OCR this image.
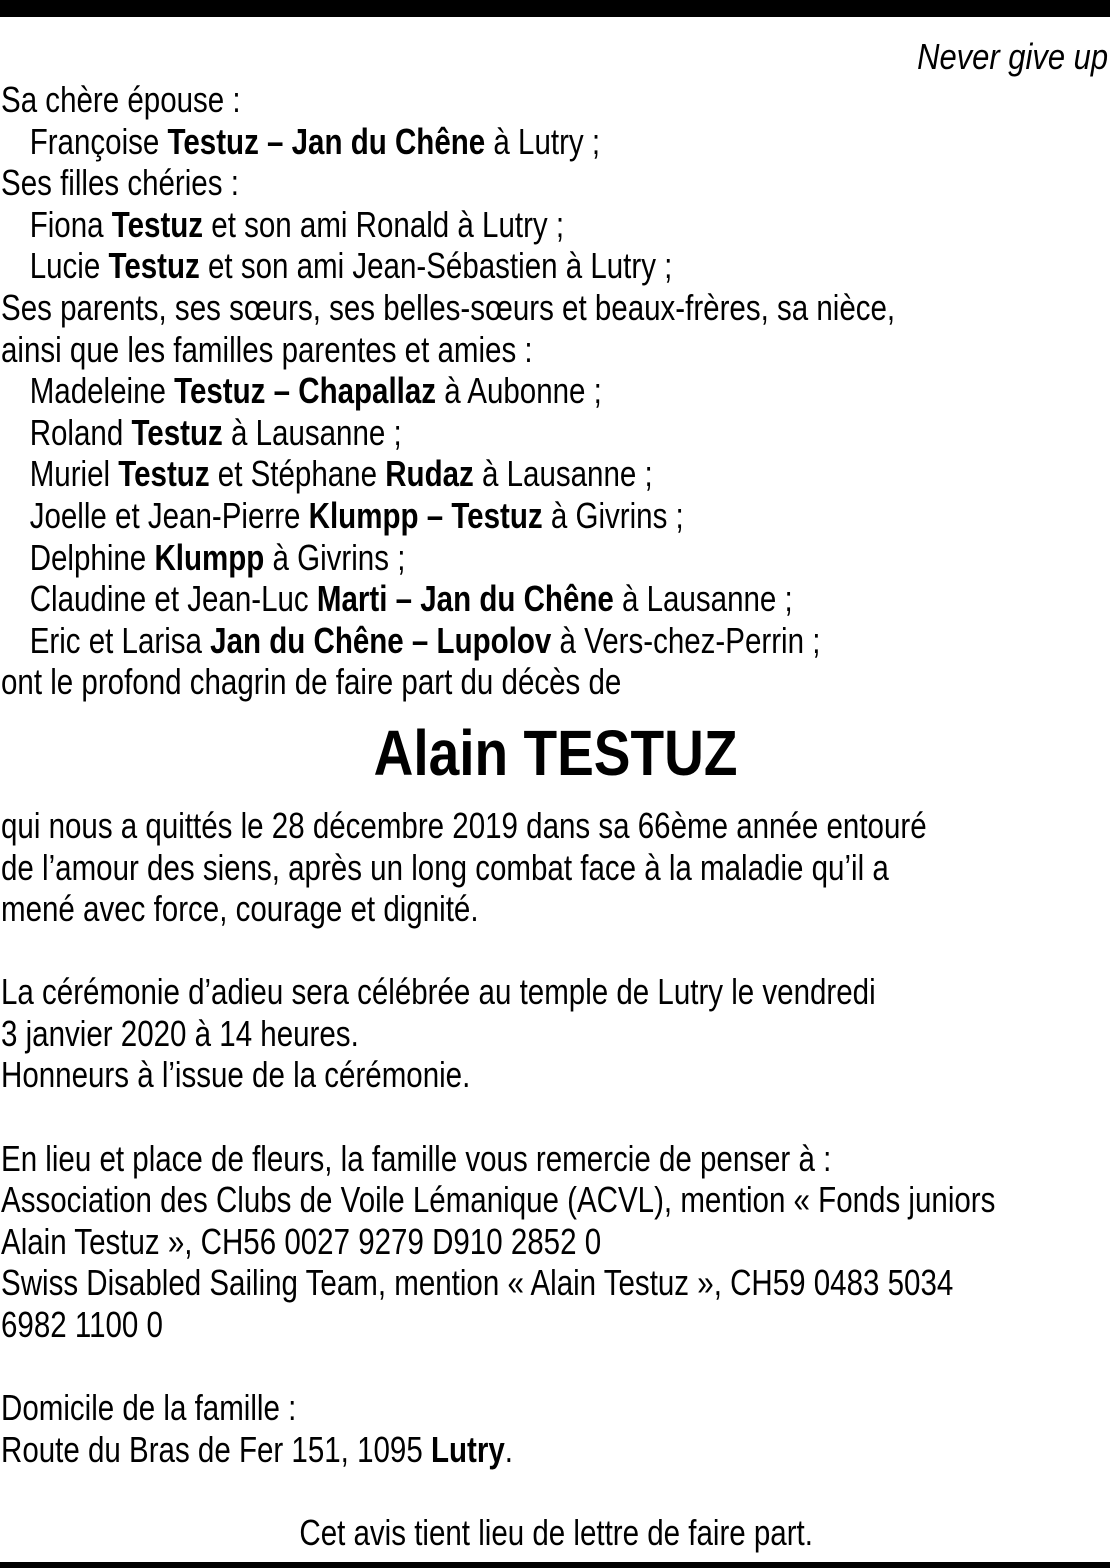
Never give up
Sa chère épouse :
Françoise Testuz – Jan du Chêne à Lutry ;
Ses filles chéries :
Fiona Testuz et son ami Ronald à Lutry ;
Lucie Testuz et son ami Jean-Sébastien à Lutry ;
Ses parents, ses sœurs, ses belles-sœurs et beaux-frères, sa nièce,
ainsi que les familles parentes et amies :
Madeleine Testuz – Chapallaz à Aubonne ;
Roland Testuz à Lausanne ;
Muriel Testuz et Stéphane Rudaz à Lausanne ;
Joelle et Jean-Pierre Klumpp – Testuz à Givrins ;
Delphine Klumpp à Givrins ;
Claudine et Jean-Luc Marti – Jan du Chêne à Lausanne ;
Eric et Larisa Jan du Chêne – Lupolov à Vers-chez-Perrin ;
ont le profond chagrin de faire part du décès de
Alain TESTUZ
qui nous a quittés le 28 décembre 2019 dans sa 66ème année entouré
de l’amour des siens, après un long combat face à la maladie qu’il a
mené avec force, courage et dignité.
La cérémonie d’adieu sera célébrée au temple de Lutry le vendredi
3 janvier 2020 à 14 heures.
Honneurs à l’issue de la cérémonie.
En lieu et place de fleurs, la famille vous remercie de penser à :
Association des Clubs de Voile Lémanique (ACVL), mention « Fonds juniors
Alain Testuz », CH56 0027 9279 D910 2852 0
Swiss Disabled Sailing Team, mention « Alain Testuz », CH59 0483 5034
6982 1100 0
Domicile de la famille :
Route du Bras de Fer 151, 1095 Lutry.
Cet avis tient lieu de lettre de faire part.
